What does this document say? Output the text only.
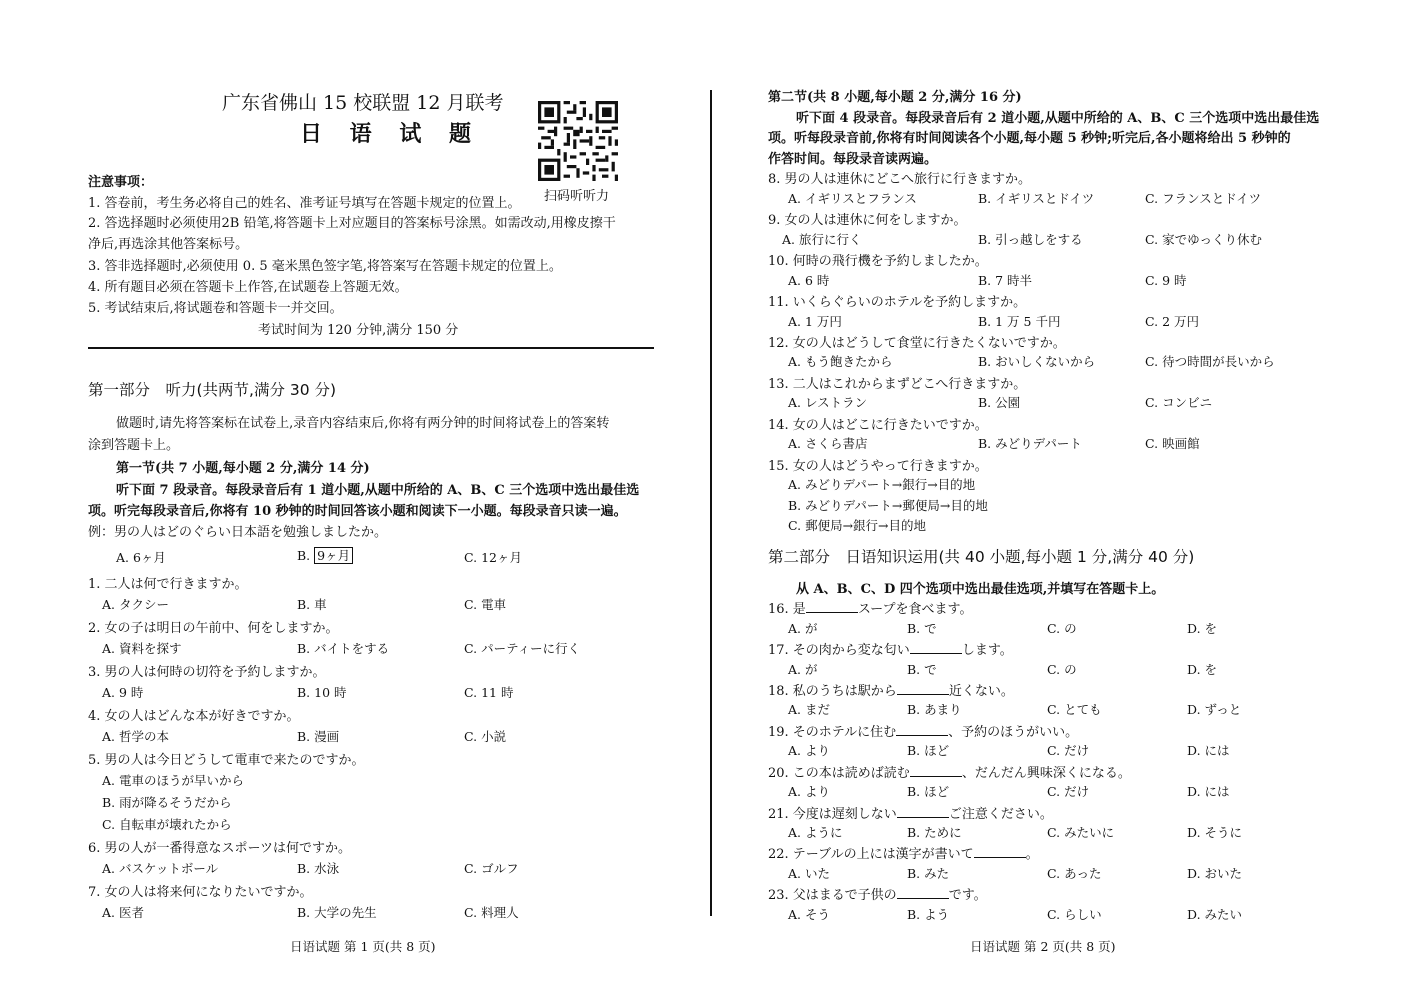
广东省佛山 15 校联盟 12 月联考
日 语 试 题
扫码听听力
注意事项：
1. 答卷前，考生务必将自己的姓名、准考证号填写在答题卡规定的位置上。
2. 答选择题时必须使用2B 铅笔,将答题卡上对应题目的答案标号涂黑。如需改动,用橡皮擦干
净后,再选涂其他答案标号。
3. 答非选择题时,必须使用 0. 5 毫米黑色签字笔,将答案写在答题卡规定的位置上。
4. 所有题目必须在答题卡上作答,在试题卷上答题无效。
5. 考试结束后,将试题卷和答题卡一并交回。
考试时间为 120 分钟,满分 150 分
第一部分　听力(共两节,满分 30 分)
做题时,请先将答案标在试卷上,录音内容结束后,你将有两分钟的时间将试卷上的答案转
涂到答题卡上。
第一节(共 7 小题,每小题 2 分,满分 14 分)
听下面 7 段录音。每段录音后有 1 道小题,从题中所给的 A、B、C 三个选项中选出最佳选
项。听完每段录音后,你将有 10 秒钟的时间回答该小题和阅读下一小题。每段录音只读一遍。
例：男の人はどのぐらい日本語を勉強しましたか。
A. 6ヶ月	B. 9ヶ月	C. 12ヶ月
1. 二人は何で行きますか。
A. タクシー	B. 車	C. 電車
2. 女の子は明日の午前中、何をしますか。
A. 資料を探す	B. バイトをする	C. パーティーに行く
3. 男の人は何時の切符を予約しますか。
A. 9 時	B. 10 時	C. 11 時
4. 女の人はどんな本が好きですか。
A. 哲学の本	B. 漫画	C. 小説
5. 男の人は今日どうして電車で来たのですか。
A. 電車のほうが早いから
B. 雨が降るそうだから
C. 自転車が壊れたから
6. 男の人が一番得意なスポーツは何ですか。
A. バスケットボール	B. 水泳	C. ゴルフ
7. 女の人は将来何になりたいですか。
A. 医者	B. 大学の先生	C. 料理人
日语试题 第 1 页(共 8 页)
第二节(共 8 小题,每小题 2 分,满分 16 分)
听下面 4 段录音。每段录音后有 2 道小题,从题中所给的 A、B、C 三个选项中选出最佳选
项。听每段录音前,你将有时间阅读各个小题,每小题 5 秒钟;听完后,各小题将给出 5 秒钟的
作答时间。每段录音读两遍。
8. 男の人は連休にどこへ旅行に行きますか。
A. イギリスとフランス	B. イギリスとドイツ	C. フランスとドイツ
9. 女の人は連休に何をしますか。
A. 旅行に行く	B. 引っ越しをする	C. 家でゆっくり休む
10. 何時の飛行機を予約しましたか。
A. 6 時	B. 7 時半	C. 9 時
11. いくらぐらいのホテルを予約しますか。
A. 1 万円	B. 1 万 5 千円	C. 2 万円
12. 女の人はどうして食堂に行きたくないですか。
A. もう飽きたから	B. おいしくないから	C. 待つ時間が長いから
13. 二人はこれからまずどこへ行きますか。
A. レストラン	B. 公園	C. コンビニ
14. 女の人はどこに行きたいですか。
A. さくら書店	B. みどりデパート	C. 映画館
15. 女の人はどうやって行きますか。
A. みどりデパート→銀行→目的地
B. みどりデパート→郵便局→目的地
C. 郵便局→銀行→目的地
第二部分　日语知识运用(共 40 小题,每小题 1 分,满分 40 分)
从 A、B、C、D 四个选项中选出最佳选项,并填写在答题卡上。
16. 是	スープを食べます。
A. が	B. で	C. の	D. を
17. その肉から変な匂い	します。
A. が	B. で	C. の	D. を
18. 私のうちは駅から	近くない。
A. まだ	B. あまり	C. とても	D. ずっと
19. そのホテルに住む	、予約のほうがいい。
A. より	B. ほど	C. だけ	D. には
20. この本は読めば読む	、だんだん興味深くになる。
A. より	B. ほど	C. だけ	D. には
21. 今度は遅刻しない	ご注意ください。
A. ように	B. ために	C. みたいに	D. そうに
22. テーブルの上には漢字が書いて	。
A. いた	B. みた	C. あった	D. おいた
23. 父はまるで子供の	です。
A. そう	B. よう	C. らしい	D. みたい
日语试题 第 2 页(共 8 页)
